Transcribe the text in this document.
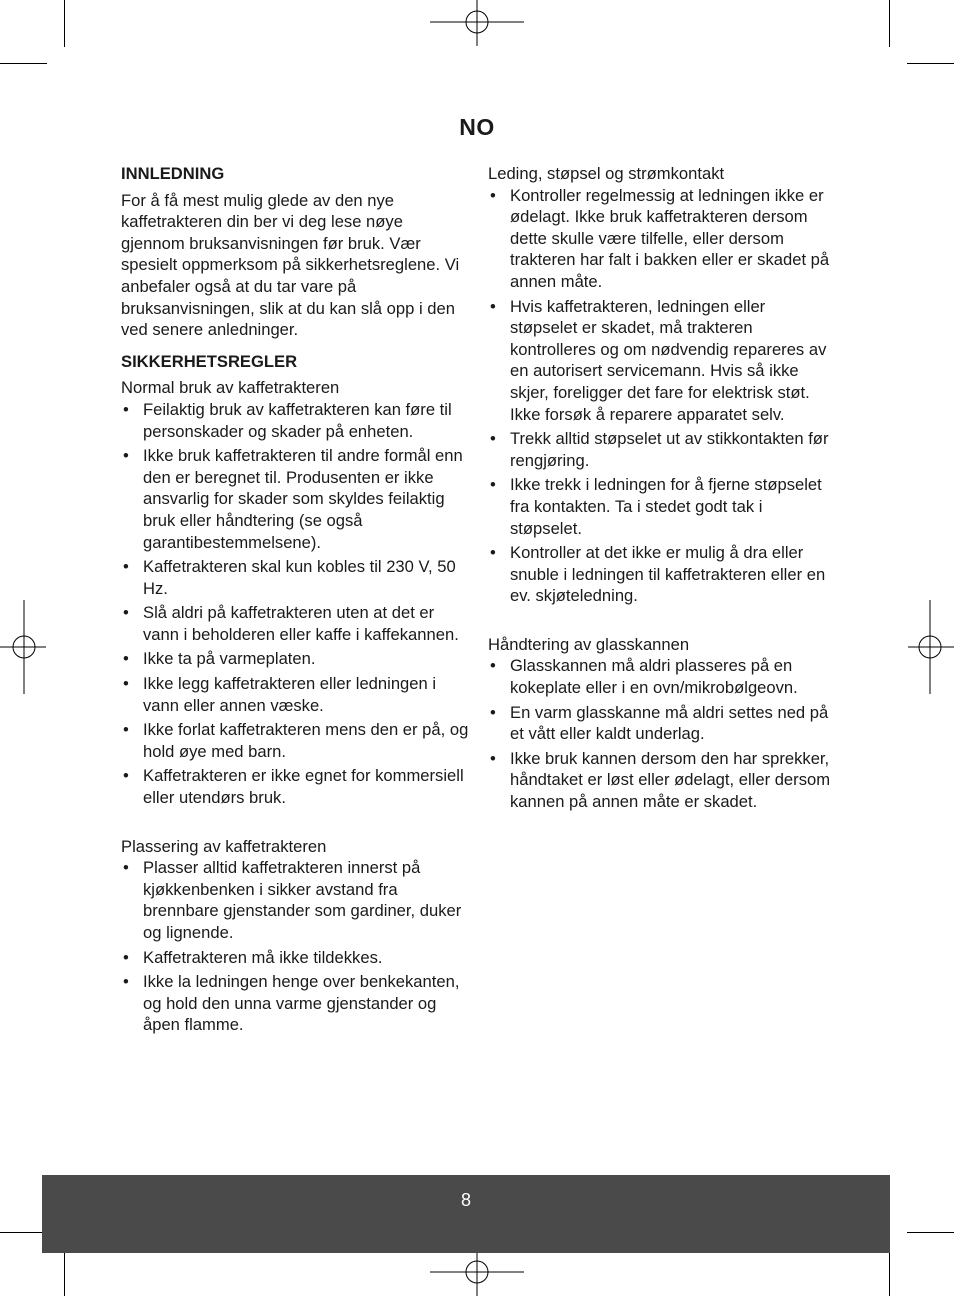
NO
INNLEDNING

For å få mest mulig glede av den nye kaffetrakteren din ber vi deg lese nøye gjennom bruksanvisningen før bruk. Vær spesielt oppmerksom på sikkerhetsreglene. Vi anbefaler også at du tar vare på bruksanvisningen, slik at du kan slå opp i den ved senere anledninger.

SIKKERHETSREGLER
Normal bruk av kaffetrakteren
• Feilaktig bruk av kaffetrakteren kan føre til personskader og skader på enheten.
• Ikke bruk kaffetrakteren til andre formål enn den er beregnet til. Produsenten er ikke ansvarlig for skader som skyldes feilaktig bruk eller håndtering (se også garantibestemmelsene).
• Kaffetrakteren skal kun kobles til 230 V, 50 Hz.
• Slå aldri på kaffetrakteren uten at det er vann i beholderen eller kaffe i kaffekannen.
• Ikke ta på varmeplaten.
• Ikke legg kaffetrakteren eller ledningen i vann eller annen væske.
• Ikke forlat kaffetrakteren mens den er på, og hold øye med barn.
• Kaffetrakteren er ikke egnet for kommersiell eller utendørs bruk.
Plassering av kaffetrakteren
• Plasser alltid kaffetrakteren innerst på kjøkkenbenken i sikker avstand fra brennbare gjenstander som gardiner, duker og lignende.
• Kaffetrakteren må ikke tildekkes.
• Ikke la ledningen henge over benkekanten, og hold den unna varme gjenstander og åpen flamme.
Leding, støpsel og strømkontakt
• Kontroller regelmessig at ledningen ikke er ødelagt. Ikke bruk kaffetrakteren dersom dette skulle være tilfelle, eller dersom trakteren har falt i bakken eller er skadet på annen måte.
• Hvis kaffetrakteren, ledningen eller støpselet er skadet, må trakteren kontrolleres og om nødvendig repareres av en autorisert servicemann. Hvis så ikke skjer, foreligger det fare for elektrisk støt. Ikke forsøk å reparere apparatet selv.
• Trekk alltid støpselet ut av stikkontakten før rengjøring.
• Ikke trekk i ledningen for å fjerne støpselet fra kontakten. Ta i stedet godt tak i støpselet.
• Kontroller at det ikke er mulig å dra eller snuble i ledningen til kaffetrakteren eller en ev. skjøteledning.
Håndtering av glasskannen
• Glasskannen må aldri plasseres på en kokeplate eller i en ovn/mikrobølgeovn.
• En varm glasskanne må aldri settes ned på et vått eller kaldt underlag.
• Ikke bruk kannen dersom den har sprekker, håndtaket er løst eller ødelagt, eller dersom kannen på annen måte er skadet.
8
